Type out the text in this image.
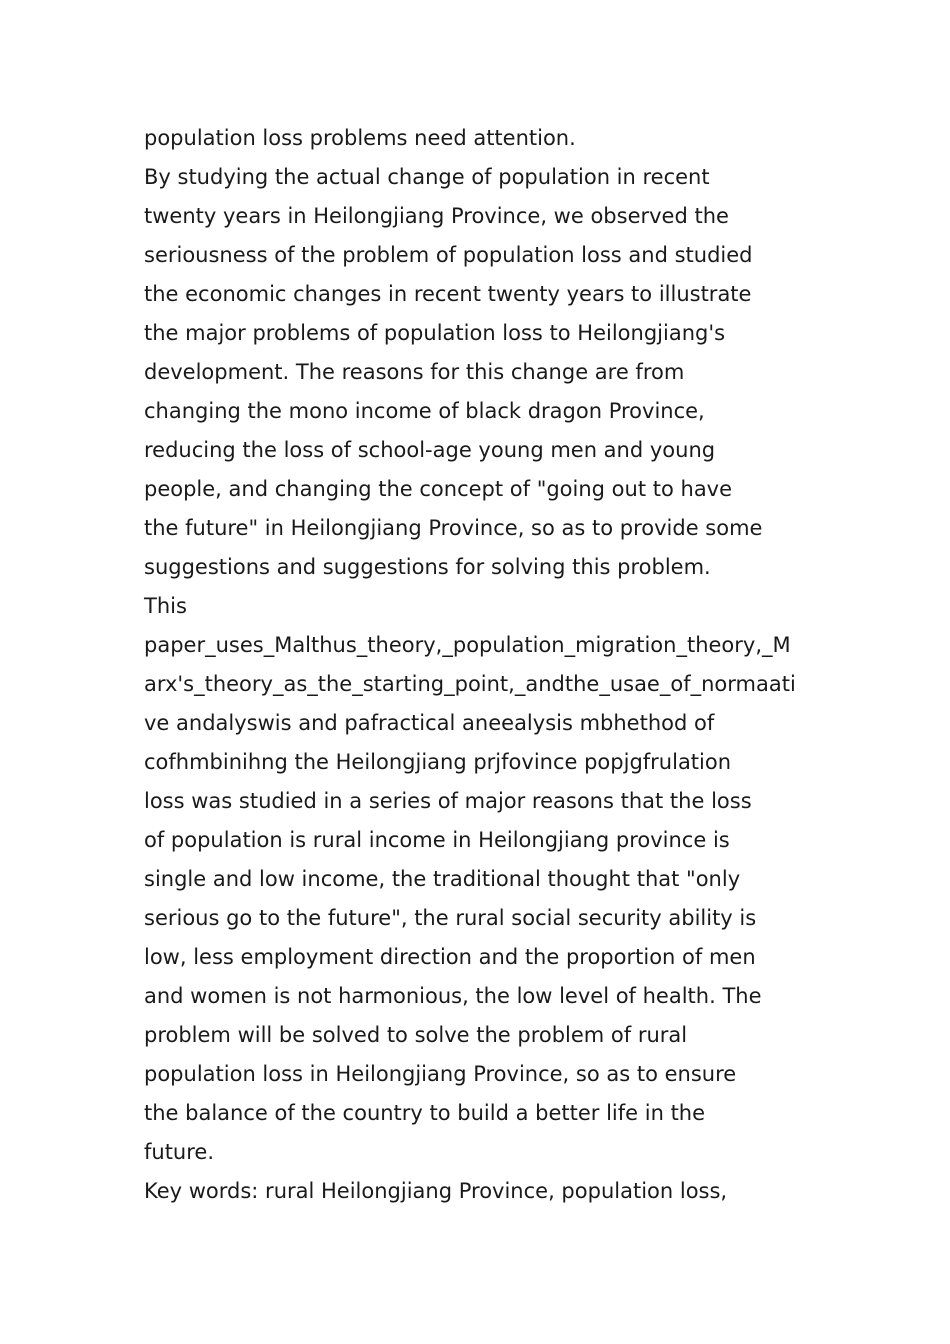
population loss problems need attention.
By studying the actual change of population in recent
twenty years in Heilongjiang Province, we observed the
seriousness of the problem of population loss and studied
the economic changes in recent twenty years to illustrate
the major problems of population loss to Heilongjiang's
development. The reasons for this change are from
changing the mono income of black dragon Province,
reducing the loss of school-age young men and young
people, and changing the concept of "going out to have
the future" in Heilongjiang Province, so as to provide some
suggestions and suggestions for solving this problem.
This
paper_uses_Malthus_theory,_population_migration_theory,_M
arx's_theory_as_the_starting_point,_andthe_usae_of_normaati
ve andalyswis and pafractical aneealysis mbhethod of
cofhmbinihng the Heilongjiang prjfovince popjgfrulation
loss was studied in a series of major reasons that the loss
of population is rural income in Heilongjiang province is
single and low income, the traditional thought that "only
serious go to the future", the rural social security ability is
low, less employment direction and the proportion of men
and women is not harmonious, the low level of health. The
problem will be solved to solve the problem of rural
population loss in Heilongjiang Province, so as to ensure
the balance of the country to build a better life in the
future.
Key words: rural Heilongjiang Province, population loss,
